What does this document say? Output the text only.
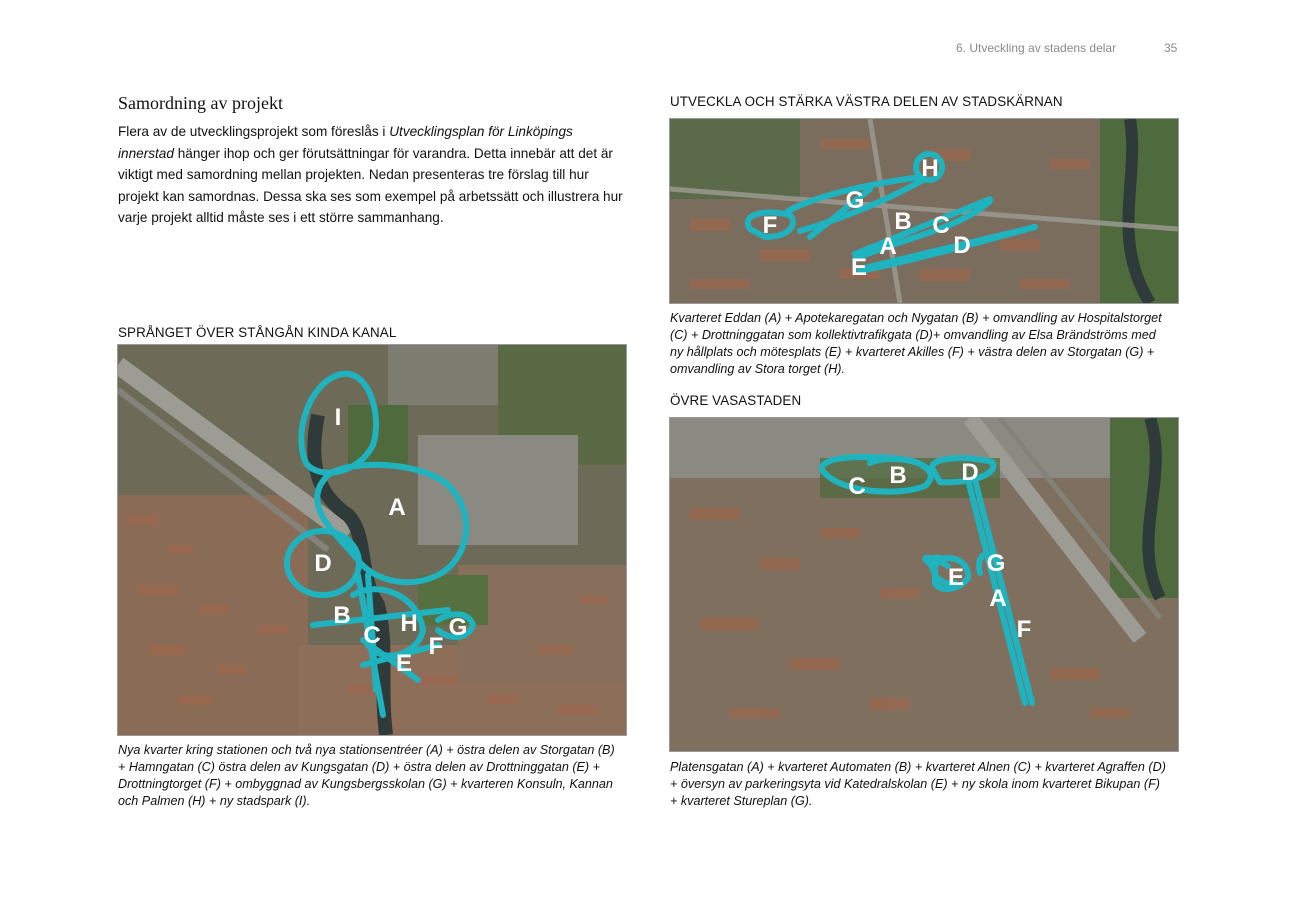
6. Utveckling av stadens delar	35
Samordning av projekt
Flera av de utvecklingsprojekt som föreslås i Utvecklingsplan för Linköpings innerstad hänger ihop och ger förutsättningar för varandra. Detta innebär att det är viktigt med samordning mellan projekten. Nedan presenteras tre förslag till hur projekt kan samordnas. Dessa ska ses som exempel på arbetssätt och illustrera hur varje projekt alltid måste ses i ett större sammanhang.
SPRÅNGET ÖVER STÅNGÅN KINDA KANAL
I
A
D
B
C H G
F
E
Nya kvarter kring stationen och två nya stationsentréer (A) + östra delen av Storgatan (B) + Hamngatan (C) östra delen av Kungsgatan (D) + östra delen av Drottninggatan (E) + Drottningtorget (F) + ombyggnad av Kungsbergsskolan (G) + kvarteren Konsuln, Kannan och Palmen (H) + ny stadspark (I).
UTVECKLA OCH STÄRKA VÄSTRA DELEN AV STADSKÄRNAN
H
G
F	B C
A D
E
Kvarteret Eddan (A) + Apotekaregatan och Nygatan (B) + omvandling av Hospitalstorget (C) + Drottninggatan som kollektivtrafikgata (D)+ omvandling av Elsa Brändströms med ny hållplats och mötesplats (E) + kvarteret Akilles (F) + västra delen av Storgatan (G) + omvandling av Stora torget (H).
ÖVRE VASASTADEN
C B D
E
G
A
F
Platensgatan (A) + kvarteret Automaten (B) + kvarteret Alnen (C) + kvarteret Agraffen (D) + översyn av parkeringsyta vid Katedralskolan (E) + ny skola inom kvarteret Bikupan (F) + kvarteret Stureplan (G).
